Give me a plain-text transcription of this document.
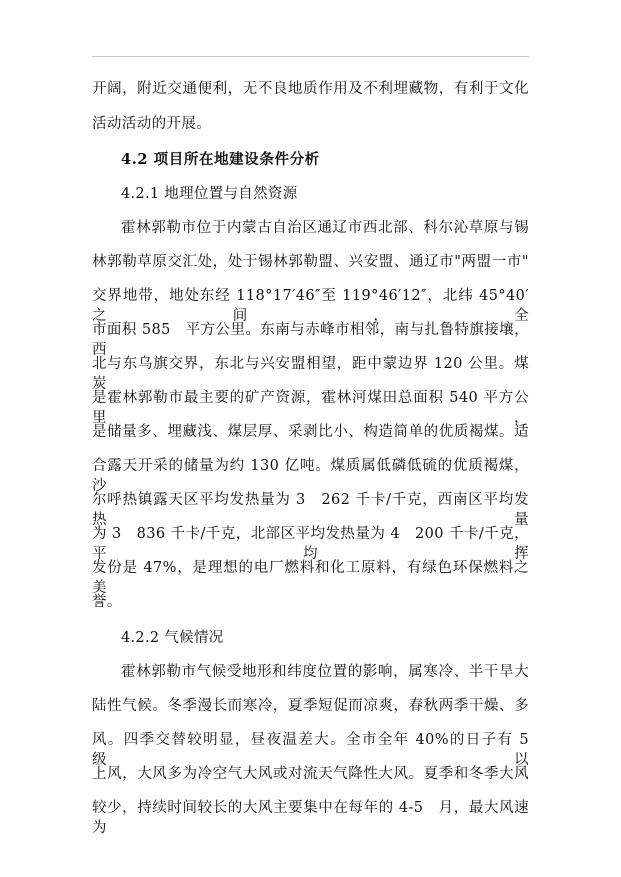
开阔，附近交通便利，无不良地质作用及不利埋藏物，有利于文化
活动活动的开展。
4.2 项目所在地建设条件分析
4.2.1 地理位置与自然资源
霍林郭勒市位于内蒙古自治区通辽市西北部、科尔沁草原与锡
林郭勒草原交汇处，处于锡林郭勒盟、兴安盟、通辽市"两盟一市"
交界地带，地处东经 118°17′46″至 119°46′12″，北纬 45°40′之间，全
市面积 585　平方公里。东南与赤峰市相邻，南与扎鲁特旗接壤，西
北与东乌旗交界，东北与兴安盟相望，距中蒙边界 120 公里。煤炭
是霍林郭勒市最主要的矿产资源，霍林河煤田总面积 540 平方公里，
是储量多、埋藏浅、煤层厚、采剥比小、构造简单的优质褐煤。适
合露天开采的储量为约 130 亿吨。煤质属低磷低硫的优质褐煤，沙
尔呼热镇露天区平均发热量为 3　262 千卡/千克，西南区平均发热量
为 3　836 千卡/千克，北部区平均发热量为 4　200 千卡/千克，平均挥
发份是 47%，是理想的电厂燃料和化工原料，有绿色环保燃料之美
誉。
4.2.2 气候情况
霍林郭勒市气候受地形和纬度位置的影响，属寒冷、半干旱大
陆性气候。冬季漫长而寒冷，夏季短促而凉爽，春秋两季干燥、多
风。四季交替较明显，昼夜温差大。全市全年 40%的日子有 5　级以
上风，大风多为冷空气大风或对流天气降性大风。夏季和冬季大风
较少，持续时间较长的大风主要集中在每年的 4-5　月，最大风速为
